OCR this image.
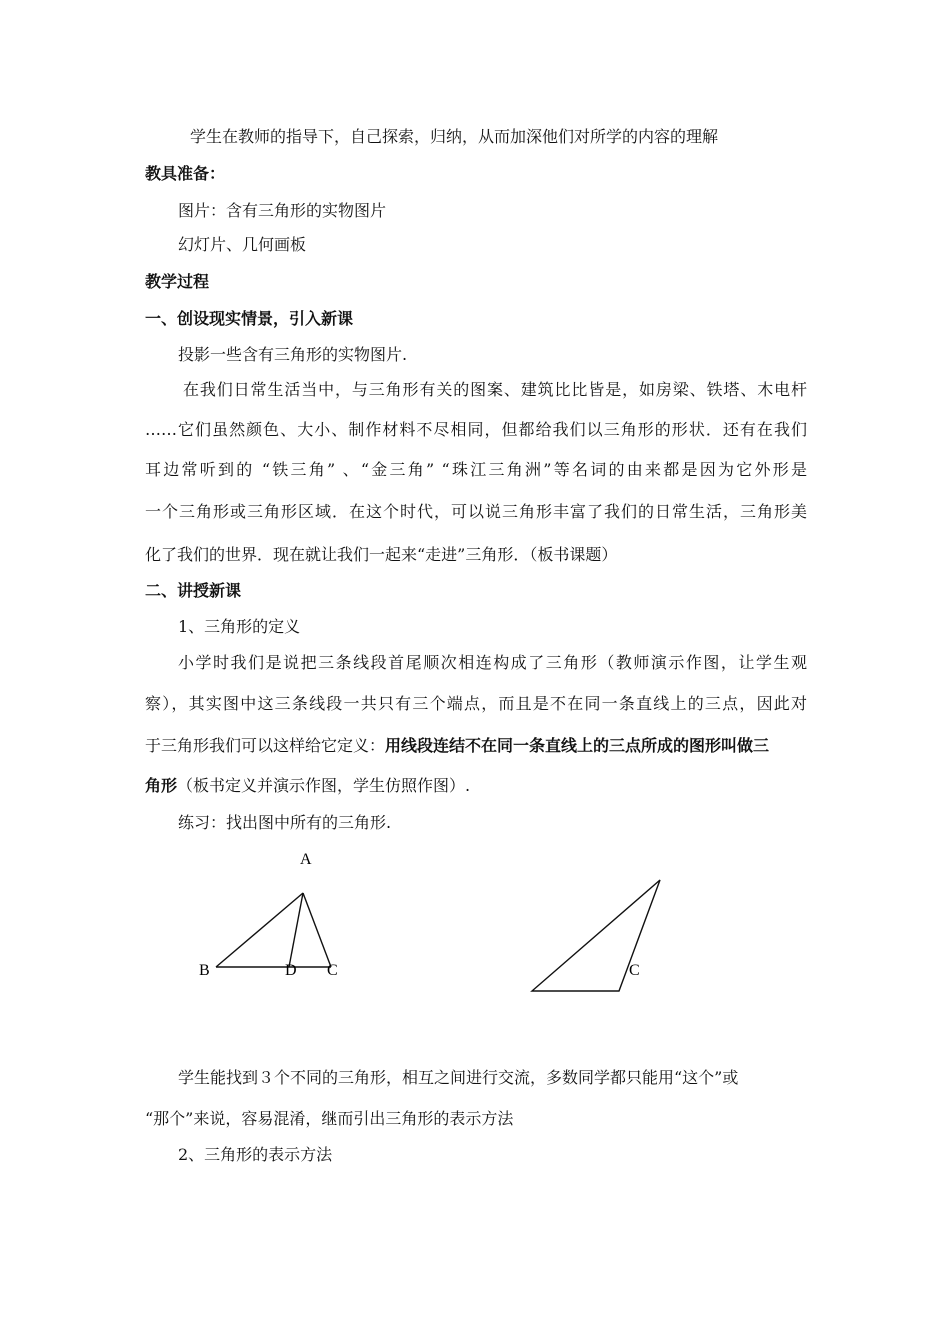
学生在教师的指导下，自己探索，归纳，从而加深他们对所学的内容的理解
教具准备：
图片：含有三角形的实物图片
幻灯片、几何画板
教学过程
一、创设现实情景，引入新课
投影一些含有三角形的实物图片.
在我们日常生活当中，与三角形有关的图案、建筑比比皆是，如房梁、铁塔、木电杆
……它们虽然颜色、大小、制作材料不尽相同，但都给我们以三角形的形状．还有在我们
耳边常听到的 “铁三角” 、“金三角” “珠江三角洲”等名词的由来都是因为它外形是
一个三角形或三角形区域．在这个时代，可以说三角形丰富了我们的日常生活，三角形美
化了我们的世界．现在就让我们一起来“走进”三角形．（板书课题）
二、讲授新课
1、三角形的定义
小学时我们是说把三条线段首尾顺次相连构成了三角形（教师演示作图，让学生观
察），其实图中这三条线段一共只有三个端点，而且是不在同一条直线上的三点，因此对
于三角形我们可以这样给它定义：用线段连结不在同一条直线上的三点所成的图形叫做三
角形（板书定义并演示作图，学生仿照作图）.
练习：找出图中所有的三角形.
A
B	D C	C
学生能找到３个不同的三角形，相互之间进行交流，多数同学都只能用“这个”或
“那个”来说，容易混淆，继而引出三角形的表示方法
2、三角形的表示方法
